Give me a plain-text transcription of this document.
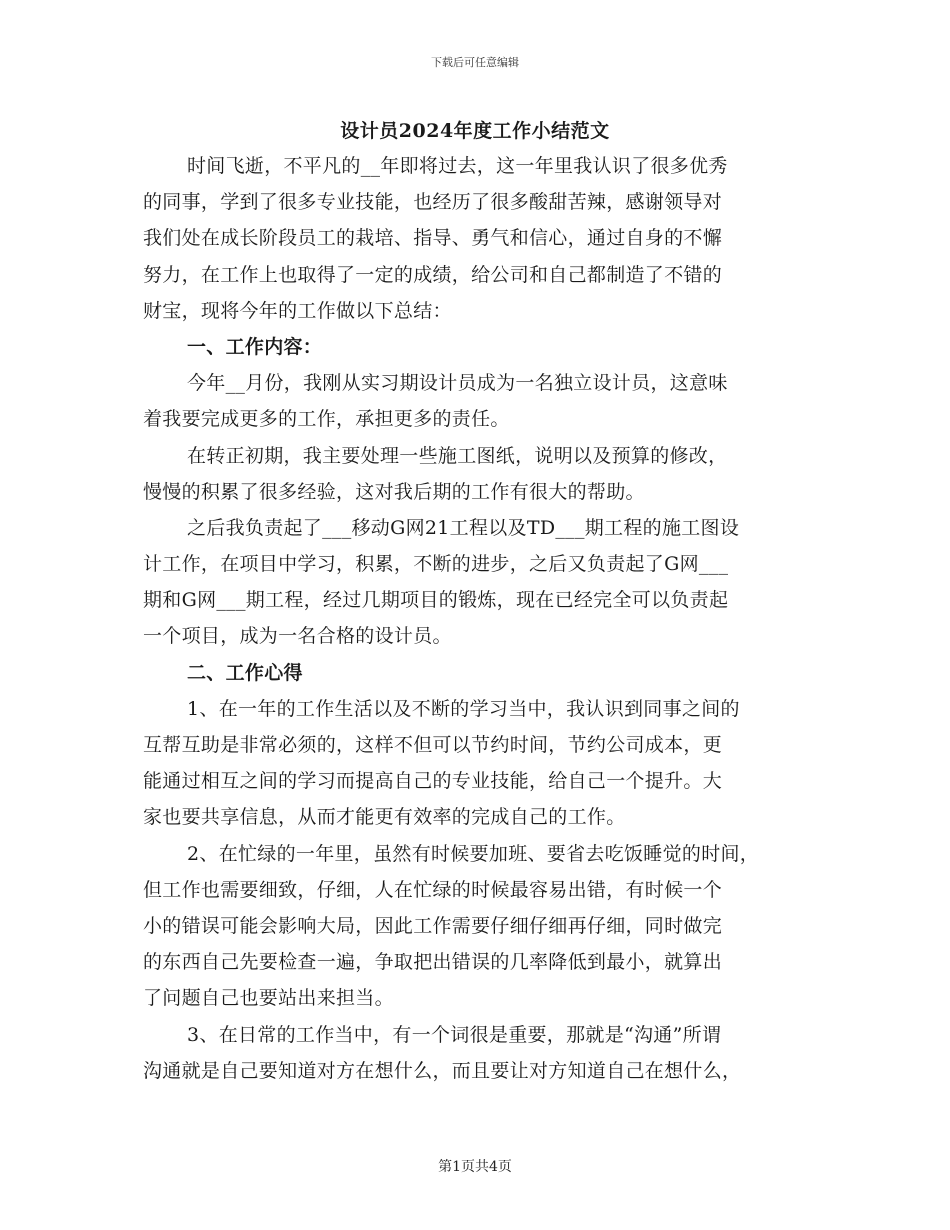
下载后可任意编辑
设计员2024年度工作小结范文
时间飞逝，不平凡的__年即将过去，这一年里我认识了很多优秀
的同事，学到了很多专业技能，也经历了很多酸甜苦辣，感谢领导对
我们处在成长阶段员工的栽培、指导、勇气和信心，通过自身的不懈
努力，在工作上也取得了一定的成绩，给公司和自己都制造了不错的
财宝，现将今年的工作做以下总结：
一、工作内容：
今年__月份，我刚从实习期设计员成为一名独立设计员，这意味
着我要完成更多的工作，承担更多的责任。
在转正初期，我主要处理一些施工图纸，说明以及预算的修改，
慢慢的积累了很多经验，这对我后期的工作有很大的帮助。
之后我负责起了___移动G网21工程以及TD___期工程的施工图设
计工作，在项目中学习，积累，不断的进步，之后又负责起了G网___
期和G网___期工程，经过几期项目的锻炼，现在已经完全可以负责起
一个项目，成为一名合格的设计员。
二、工作心得
1、在一年的工作生活以及不断的学习当中，我认识到同事之间的
互帮互助是非常必须的，这样不但可以节约时间，节约公司成本，更
能通过相互之间的学习而提高自己的专业技能，给自己一个提升。大
家也要共享信息，从而才能更有效率的完成自己的工作。
2、在忙绿的一年里，虽然有时候要加班、要省去吃饭睡觉的时间，
但工作也需要细致，仔细，人在忙绿的时候最容易出错，有时候一个
小的错误可能会影响大局，因此工作需要仔细仔细再仔细，同时做完
的东西自己先要检查一遍，争取把出错误的几率降低到最小，就算出
了问题自己也要站出来担当。
3、在日常的工作当中，有一个词很是重要，那就是“沟通”所谓
沟通就是自己要知道对方在想什么，而且要让对方知道自己在想什么，
第1页共4页
